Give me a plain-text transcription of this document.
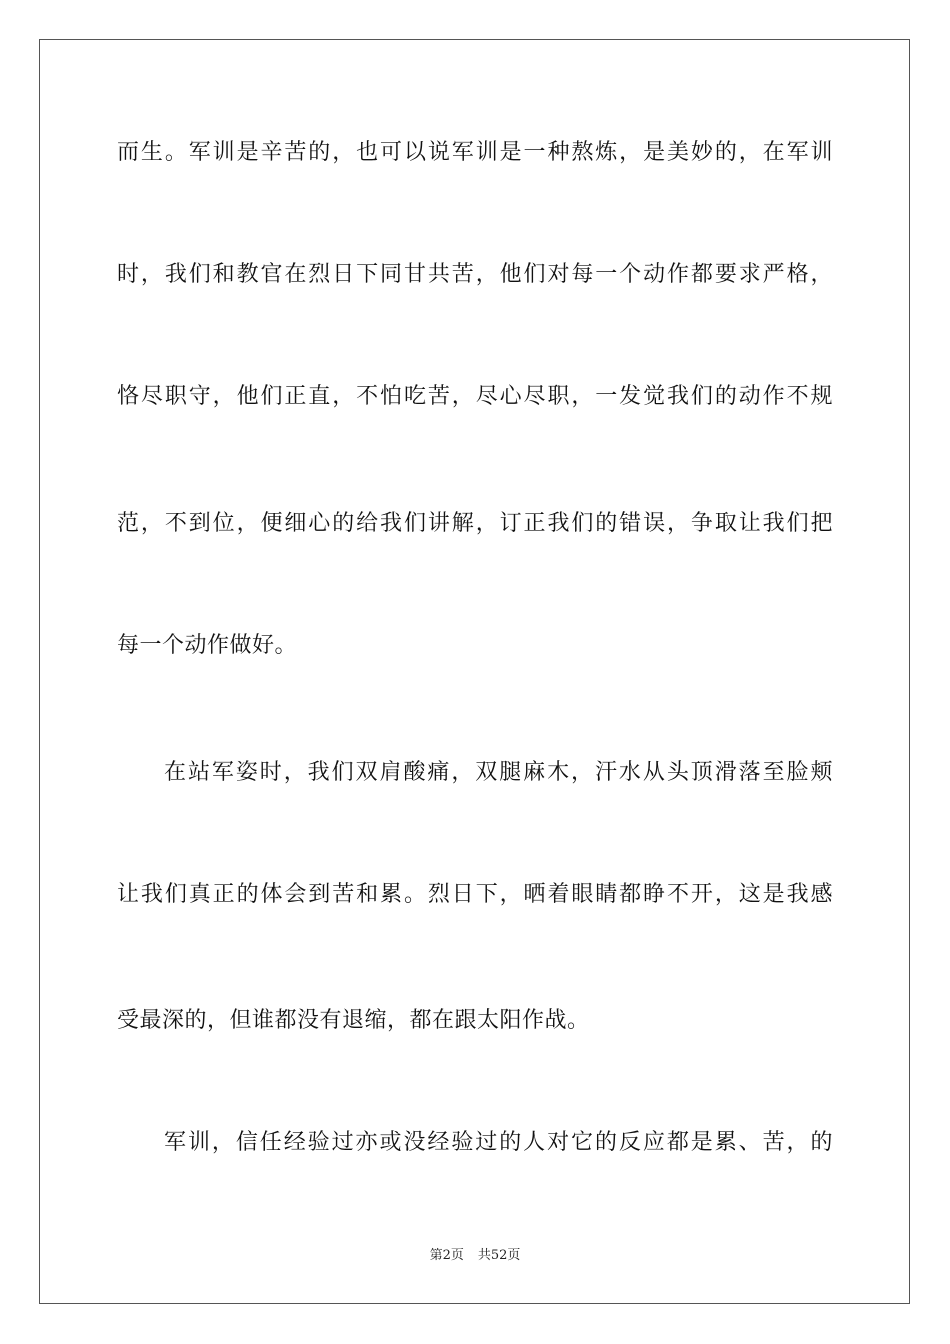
而生。军训是辛苦的，也可以说军训是一种熬炼，是美妙的，在军训
时，我们和教官在烈日下同甘共苦，他们对每一个动作都要求严格，
恪尽职守，他们正直，不怕吃苦，尽心尽职，一发觉我们的动作不规
范，不到位，便细心的给我们讲解，订正我们的错误，争取让我们把
每一个动作做好。
在站军姿时，我们双肩酸痛，双腿麻木，汗水从头顶滑落至脸颊
让我们真正的体会到苦和累。烈日下，晒着眼睛都睁不开，这是我感
受最深的，但谁都没有退缩，都在跟太阳作战。
军训，信任经验过亦或没经验过的人对它的反应都是累、苦，的
第2页 共52页
